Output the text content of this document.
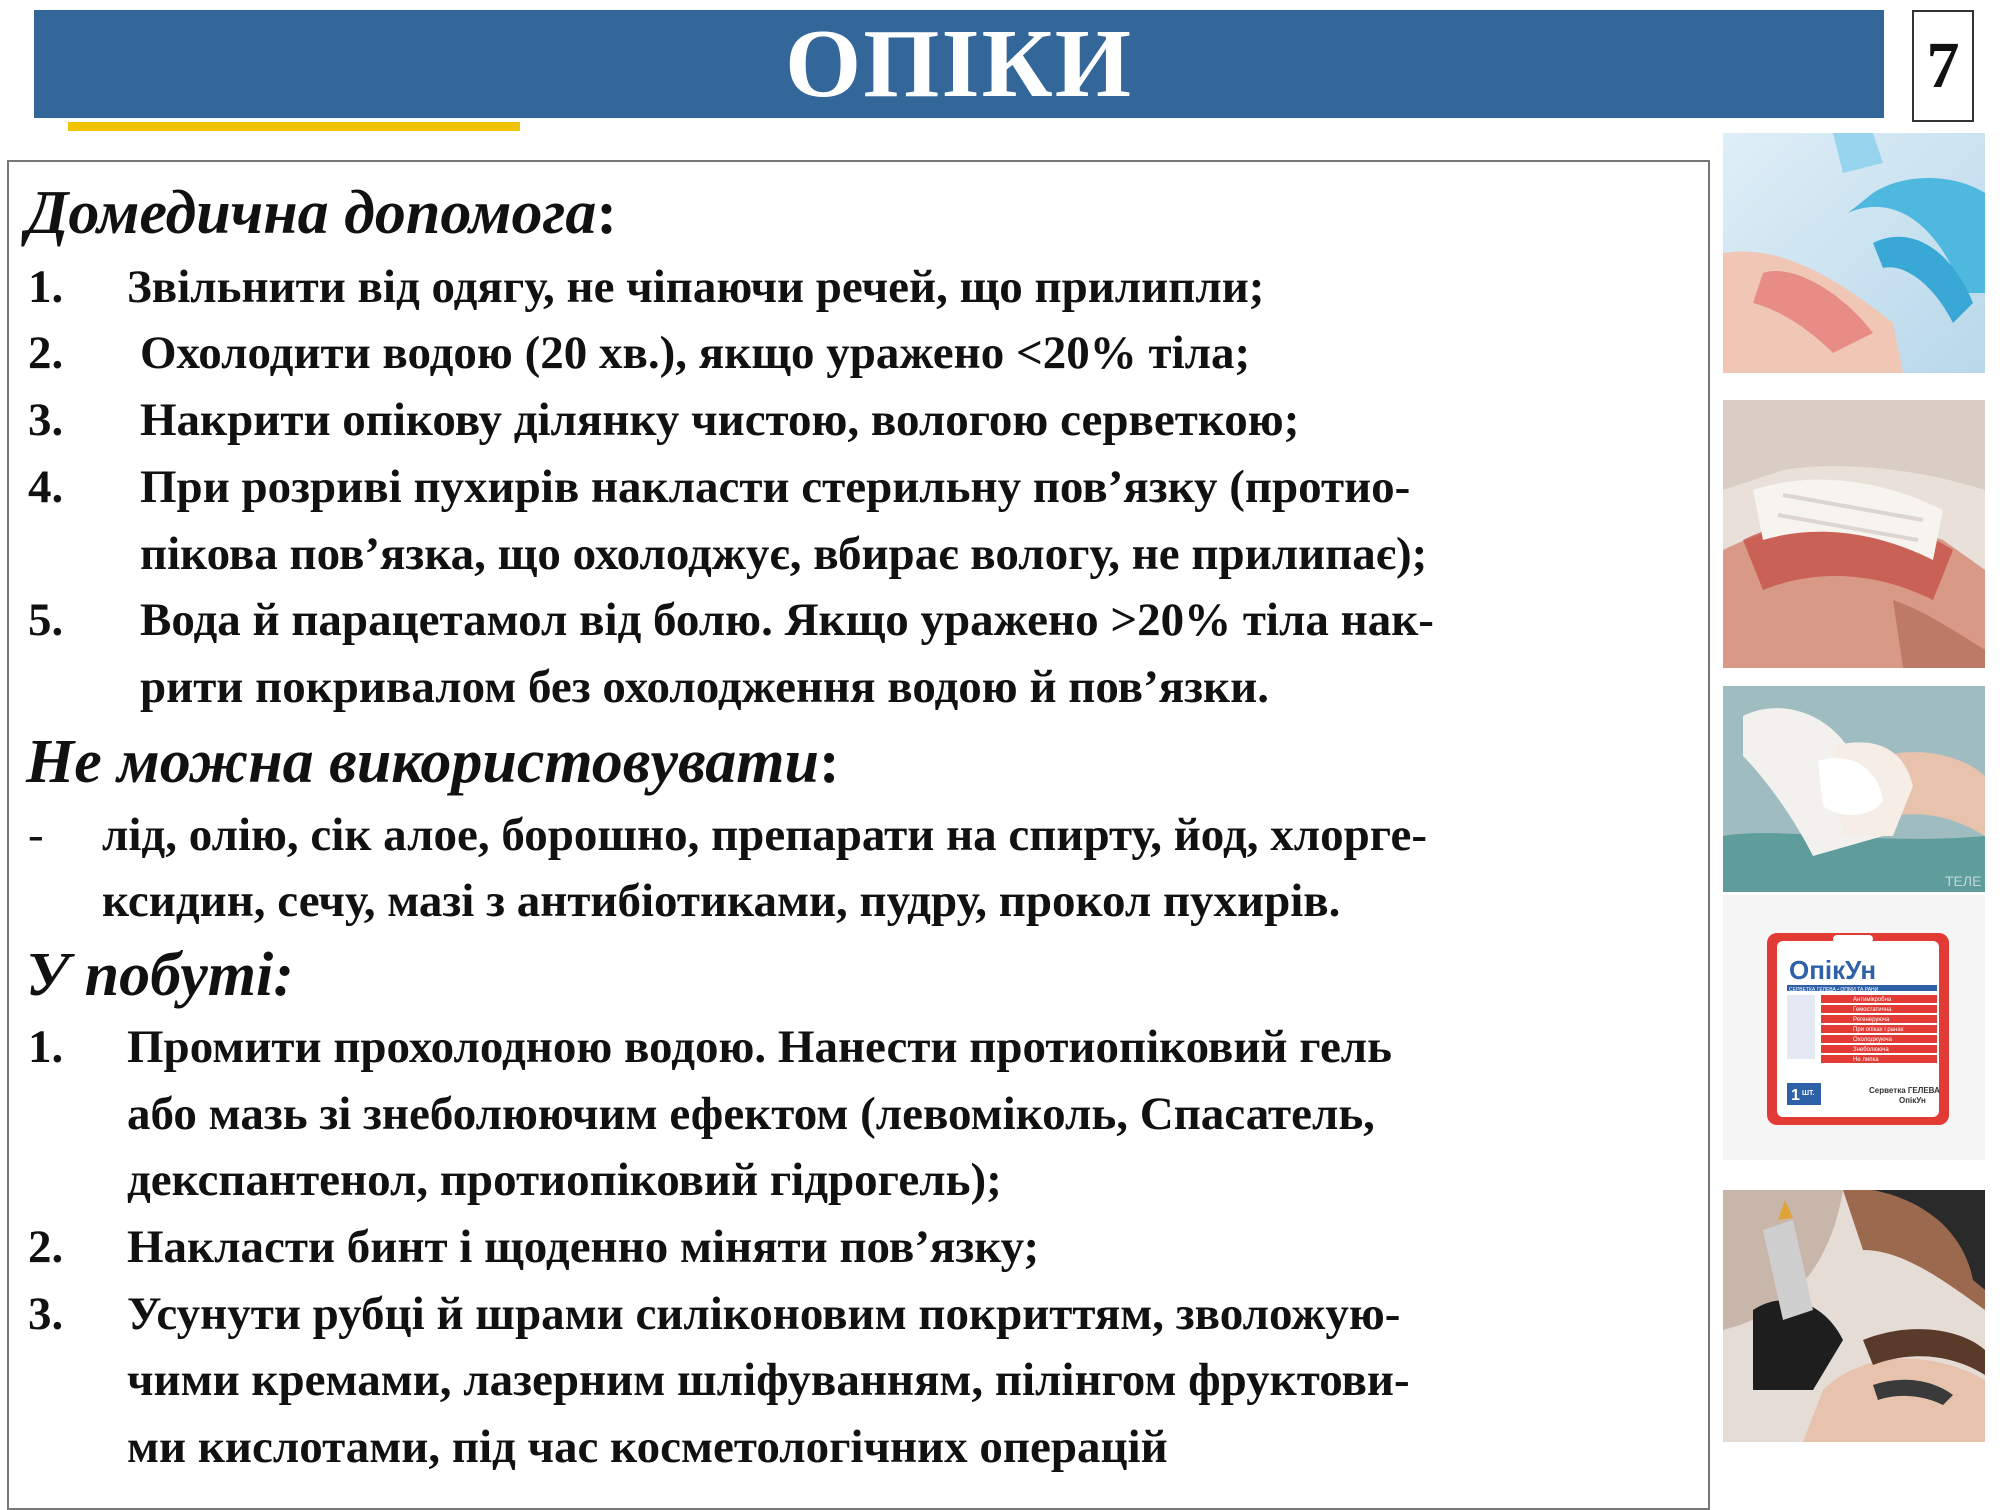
ОПІКИ	7
Домедична допомога:
1. Звільнити від одягу, не чіпаючи речей, що прилипли;
2. Охолодити водою (20 хв.), якщо уражено <20% тіла;
3. Накрити опікову ділянку чистою, вологою серветкою;
4. При розриві пухирів накласти стерильну пов’язку (протио-
пікова пов’язка, що охолоджує, вбирає вологу, не прилипає);
5. Вода й парацетамол від болю. Якщо уражено >20% тіла нак-
рити покривалом без охолодження водою й пов’язки.
Не можна використовувати:
- лід, олію, сік алое, борошно, препарати на спирту, йод, хлорге-
ксидин, сечу, мазі з антибіотиками, пудру, прокол пухирів.
У побуті:
1. Промити прохолодною водою. Нанести протиопіковий гель
або мазь зі знеболюючим ефектом (левоміколь, Спасатель,
декспантенол, протиопіковий гідрогель);
2. Накласти бинт і щоденно міняти пов’язку;
3. Усунути рубці й шрами силіконовим покриттям, зволожую-
чими кремами, лазерним шліфуванням, пілінгом фруктови-
ми кислотами, під час косметологічних операцій
ТЕЛЕ
ОпікУн
СЕРВЕТКА ГЕЛЕВА • ОПІКИ ТА РАНИ
Антимікробна
Гемостатична
Регенеруюча
При опіках і ранах
Охолоджуюча
Знеболююча
Не липка
1 ШТ.	Серветка ГЕЛЕВА
ОпікУн
